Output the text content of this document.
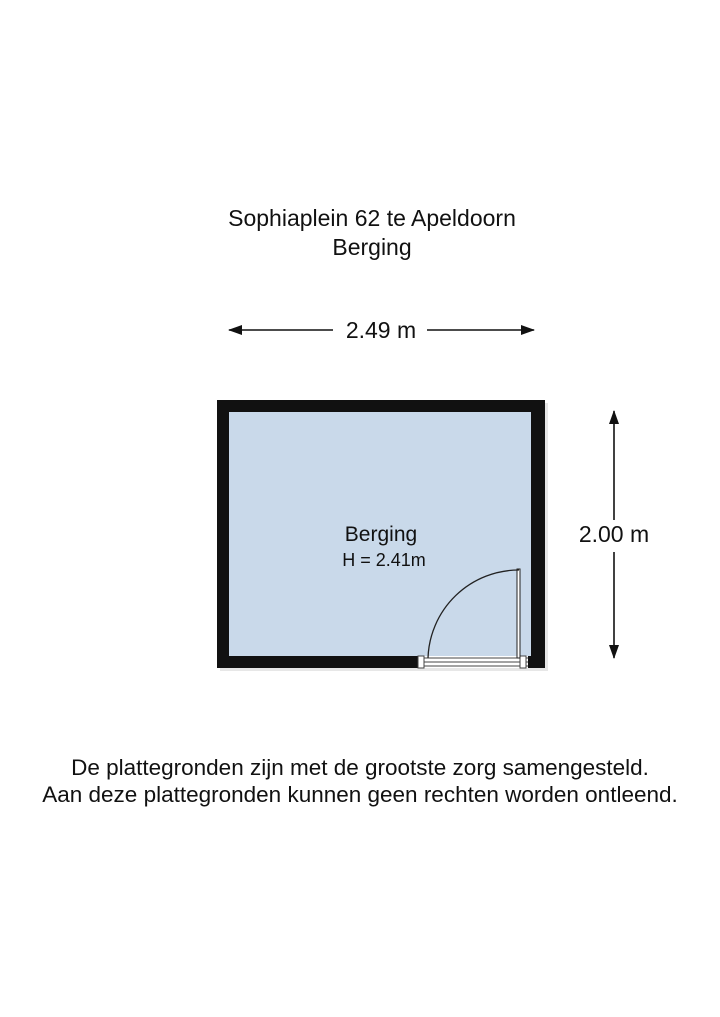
Sophiaplein 62 te Apeldoorn
Berging
2.49 m
2.00 m
Berging
H = 2.41m
De plattegronden zijn met de grootste zorg samengesteld.
Aan deze plattegronden kunnen geen rechten worden ontleend.
